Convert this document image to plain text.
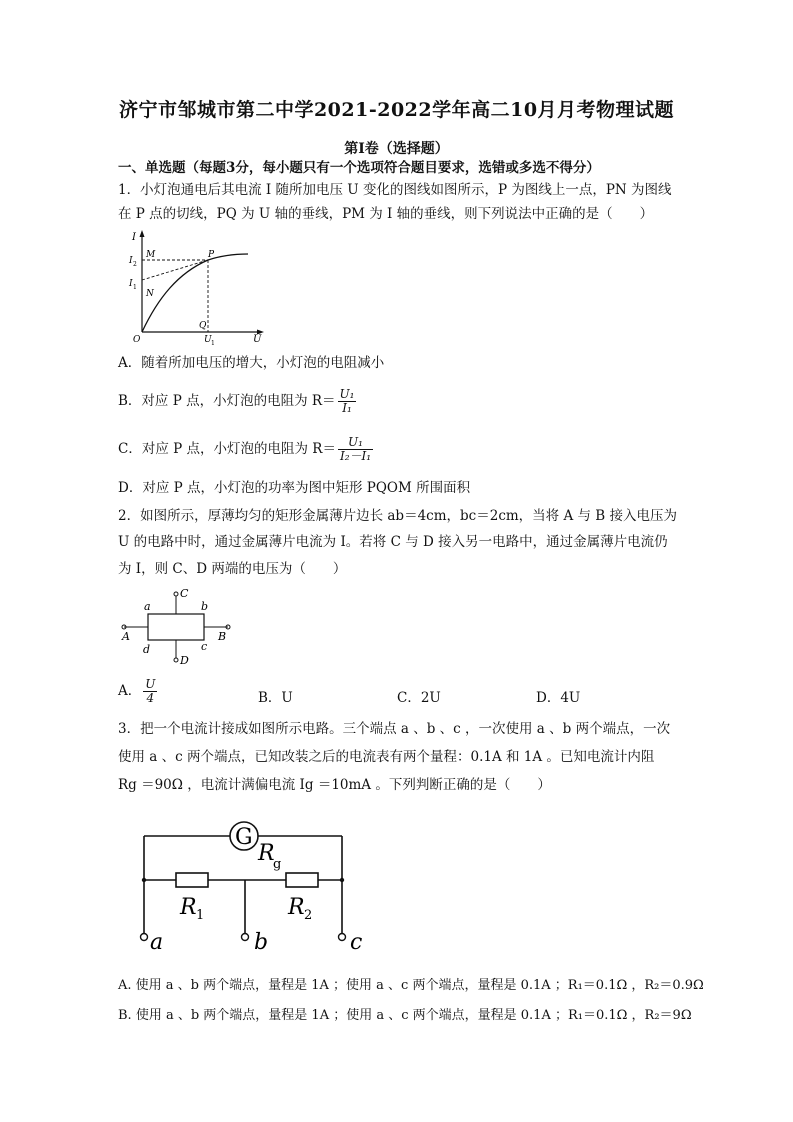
济宁市邹城市第二中学2021-2022学年高二10月月考物理试题
第I卷（选择题）
一、单选题（每题3分，每小题只有一个选项符合题目要求，选错或多选不得分）
1．小灯泡通电后其电流 I 随所加电压 U 变化的图线如图所示，P 为图线上一点，PN 为图线
在 P 点的切线，PQ 为 U 轴的垂线，PM 为 I 轴的垂线，则下列说法中正确的是（　　）
I
M
I 2
P
I 1
N
Q
O	U 1	U
A．随着所加电压的增大，小灯泡的电阻减小
B．对应 P 点，小灯泡的电阻为 $R= \frac{\text{U₁}}{\text{I₁}}$
C．对应 P 点，小灯泡的电阻为 $R= \frac{\text{U₁}}{\text{I₂－I₁}}$
D．对应 P 点，小灯泡的功率为图中矩形 PQOM 所围面积
2．如图所示，厚薄均匀的矩形金属薄片边长 ab＝4cm，bc＝2cm，当将 A 与 B 接入电压为
U 的电路中时，通过金属薄片电流为 I。若将 C 与 D 接入另一电路中，通过金属薄片电流仍
为 I，则 C、D 两端的电压为（　　）
C
a	b
A	B
d	c
D
A． $\frac{U}{4}$	B．U	C．2U	D．4U
3．把一个电流计接成如图所示电路。三个端点 a 、b 、c ，一次使用 a 、b 两个端点，一次
使用 a 、c 两个端点，已知改装之后的电流表有两个量程：0.1A 和 1A 。已知电流计内阻
Rg ＝90Ω ，电流计满偏电流 Ig ＝10mA 。下列判断正确的是（　　）
G
R
g
R 1	R 2
a	b	c
A. 使用 a 、b 两个端点，量程是 1A ；使用 a 、c 两个端点，量程是 0.1A ；R₁＝0.1Ω ，R₂＝0.9Ω
B. 使用 a 、b 两个端点，量程是 1A ；使用 a 、c 两个端点，量程是 0.1A ；R₁＝0.1Ω ，R₂＝9Ω
